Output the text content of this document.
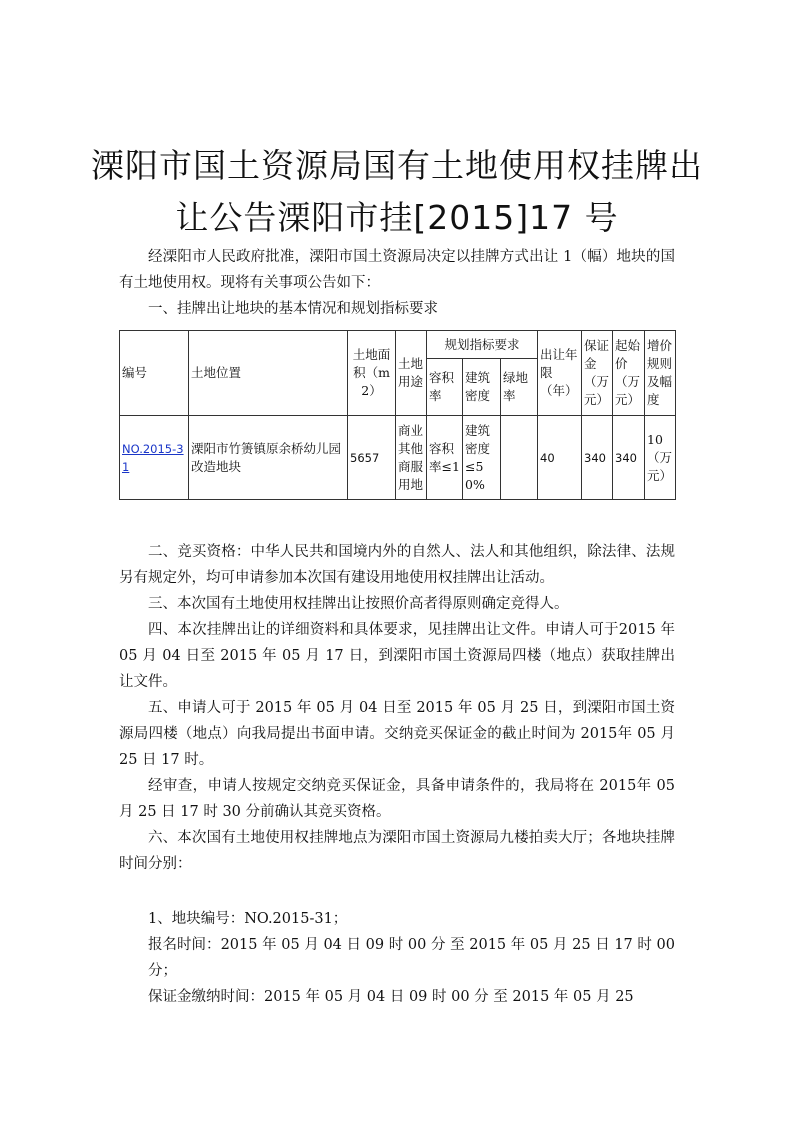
溧阳市国土资源局国有土地使用权挂牌出
让公告溧阳市挂[2015]17 号

经溧阳市人民政府批准，溧阳市国土资源局决定以挂牌方式出让 1（幅）地块的国有土地使用权。现将有关事项公告如下：

一、挂牌出让地块的基本情况和规划指标要求

编号	土地位置	土地面积（m2）	土地用途	规划指标要求			出让年限（年）	保证金（万元）	起始价（万元）	增价规则及幅度
				容积率	建筑密度	绿地率				
NO.2015-31	溧阳市竹箦镇原余桥幼儿园改造地块	5657	商业其他商服用地	容积率≤1	建筑密度≤50%		40	340	340	10（万元）

二、竞买资格：中华人民共和国境内外的自然人、法人和其他组织，除法律、法规另有规定外，均可申请参加本次国有建设用地使用权挂牌出让活动。

三、本次国有土地使用权挂牌出让按照价高者得原则确定竞得人。

四、本次挂牌出让的详细资料和具体要求，见挂牌出让文件。申请人可于2015 年 05 月 04 日至 2015 年 05 月 17 日，到溧阳市国土资源局四楼（地点）获取挂牌出让文件。

五、申请人可于 2015 年 05 月 04 日至 2015 年 05 月 25 日，到溧阳市国土资源局四楼（地点）向我局提出书面申请。交纳竞买保证金的截止时间为 2015年 05 月 25 日 17 时。

经审查，申请人按规定交纳竞买保证金，具备申请条件的，我局将在 2015年 05 月 25 日 17 时 30 分前确认其竞买资格。

六、本次国有土地使用权挂牌地点为溧阳市国土资源局九楼拍卖大厅；各地块挂牌时间分别：

1、地块编号：NO.2015-31；

报名时间：2015 年 05 月 04 日 09 时 00 分 至 2015 年 05 月 25 日 17 时 00 分；

保证金缴纳时间：2015 年 05 月 04 日 09 时 00 分 至 2015 年 05 月 25
